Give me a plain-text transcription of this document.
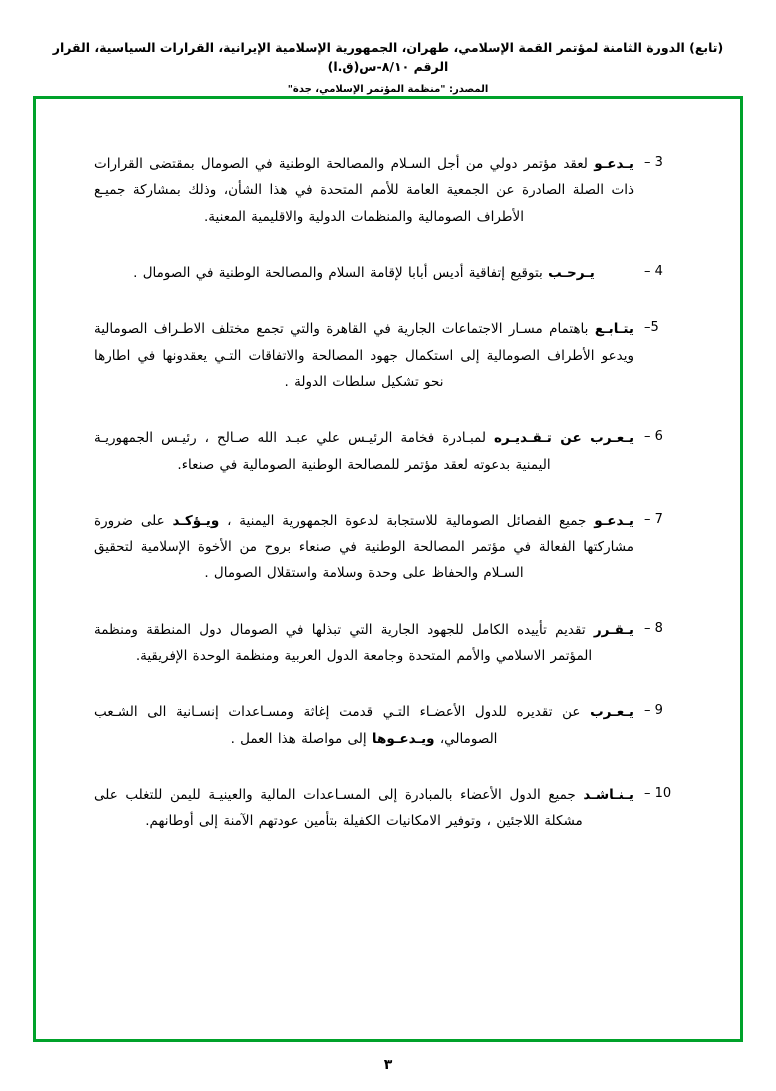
(تابع) الدورة الثامنة لمؤتمر القمة الإسلامي، طهران، الجمهورية الإسلامية الإيرانية، القرارات السياسية، القرار الرقم ٨/١٠-س(ق.ا)
المصدر: "منظمة المؤتمر الإسلامي، جدة"
3 –
يـدعـو لعقد مؤتمر دولي من أجل السـلام والمصالحة الوطنية في الصومال بمقتضى القرارات ذات الصلة الصادرة عن الجمعية العامة للأمم المتحدة في هذا الشأن، وذلك بمشاركة جميـع الأطراف الصومالية والمنظمات الدولية والاقليمية المعنية.
4 –
يـرحـب بتوقيع إتفاقية أديس أبابا لإقامة السلام والمصالحة الوطنية في الصومال .
5–
يتـابـع باهتمام مسـار الاجتماعات الجارية في القاهرة والتي تجمع مختلف الاطـراف الصومالية ويدعو الأطراف الصومالية إلى استكمال جهود المصالحة والاتفاقات التـي يعقدونها في اطارها نحو تشكيل سلطات الدولة .
6 –
يـعـرب عن تـقـديـره لمبـادرة فخامة الرئيـس علي عبـد الله صـالح ، رئيـس الجمهوريـة اليمنية بدعوته لعقد مؤتمر للمصالحة الوطنية الصومالية في صنعاء.
7 –
يـدعـو جميع الفصائل الصومالية للاستجابة لدعوة الجمهورية اليمنية ، ويـؤكـد على ضرورة مشاركتها الفعالة في مؤتمر المصالحة الوطنية في صنعاء بروح من الأخوة الإسلامية لتحقيق السـلام والحفاظ على وحدة وسلامة واستقلال الصومال .
8 –
يـقـرر تقديم تأييده الكامل للجهود الجارية التي تبذلها في الصومال دول المنطقة ومنظمة المؤتمر الاسلامي والأمم المتحدة وجامعة الدول العربية ومنظمة الوحدة الإفريقية.
9 –
يـعـرب عن تقديره للدول الأعضـاء التـي قدمت إغاثة ومسـاعدات إنسـانية الى الشـعب الصومالي، ويـدعـوها إلى مواصلة هذا العمل .
10 –
يـنـاشـد جميع الدول الأعضاء بالمبادرة إلى المسـاعدات المالية والعينيـة لليمن للتغلب على مشكلة اللاجئين ، وتوفير الامكانيات الكفيلة بتأمين عودتهم الآمنة إلى أوطانهم.
٣
